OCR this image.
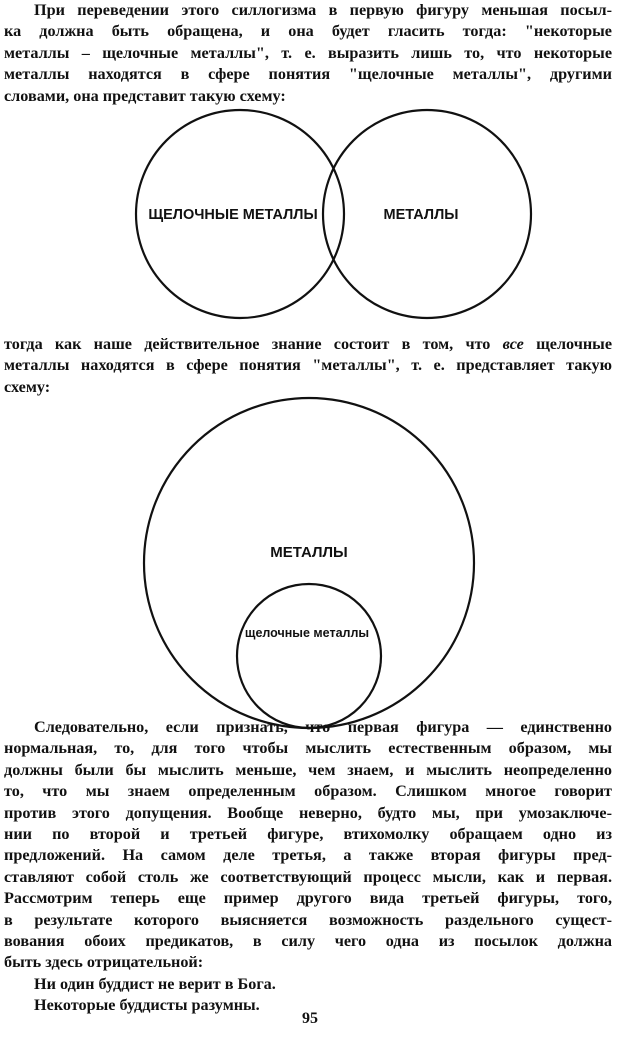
При переведении этого силлогизма в первую фигуру меньшая посыл-
ка должна быть обращена, и она будет гласить тогда: "некоторые
металлы – щелочные металлы", т. е. выразить лишь то, что некоторые
металлы находятся в сфере понятия "щелочные металлы", другими
словами, она представит такую схему:
ЩЕЛОЧНЫЕ МЕТАЛЛЫ	МЕТАЛЛЫ
тогда как наше действительное знание состоит в том, что все щелочные
металлы находятся в сфере понятия "металлы", т. е. представляет такую
схему:
МЕТАЛЛЫ
щелочные металлы
Следовательно, если признать, что первая фигура — единственно
нормальная, то, для того чтобы мыслить естественным образом, мы
должны были бы мыслить меньше, чем знаем, и мыслить неопределенно
то, что мы знаем определенным образом. Слишком многое говорит
против этого допущения. Вообще неверно, будто мы, при умозаключе-
нии по второй и третьей фигуре, втихомолку обращаем одно из
предложений. На самом деле третья, а также вторая фигуры пред-
ставляют собой столь же соответствующий процесс мысли, как и первая.
Рассмотрим теперь еще пример другого вида третьей фигуры, того,
в результате которого выясняется возможность раздельного сущест-
вования обоих предикатов, в силу чего одна из посылок должна
быть здесь отрицательной:
Ни один буддист не верит в Бога.
Некоторые буддисты разумны.
95
